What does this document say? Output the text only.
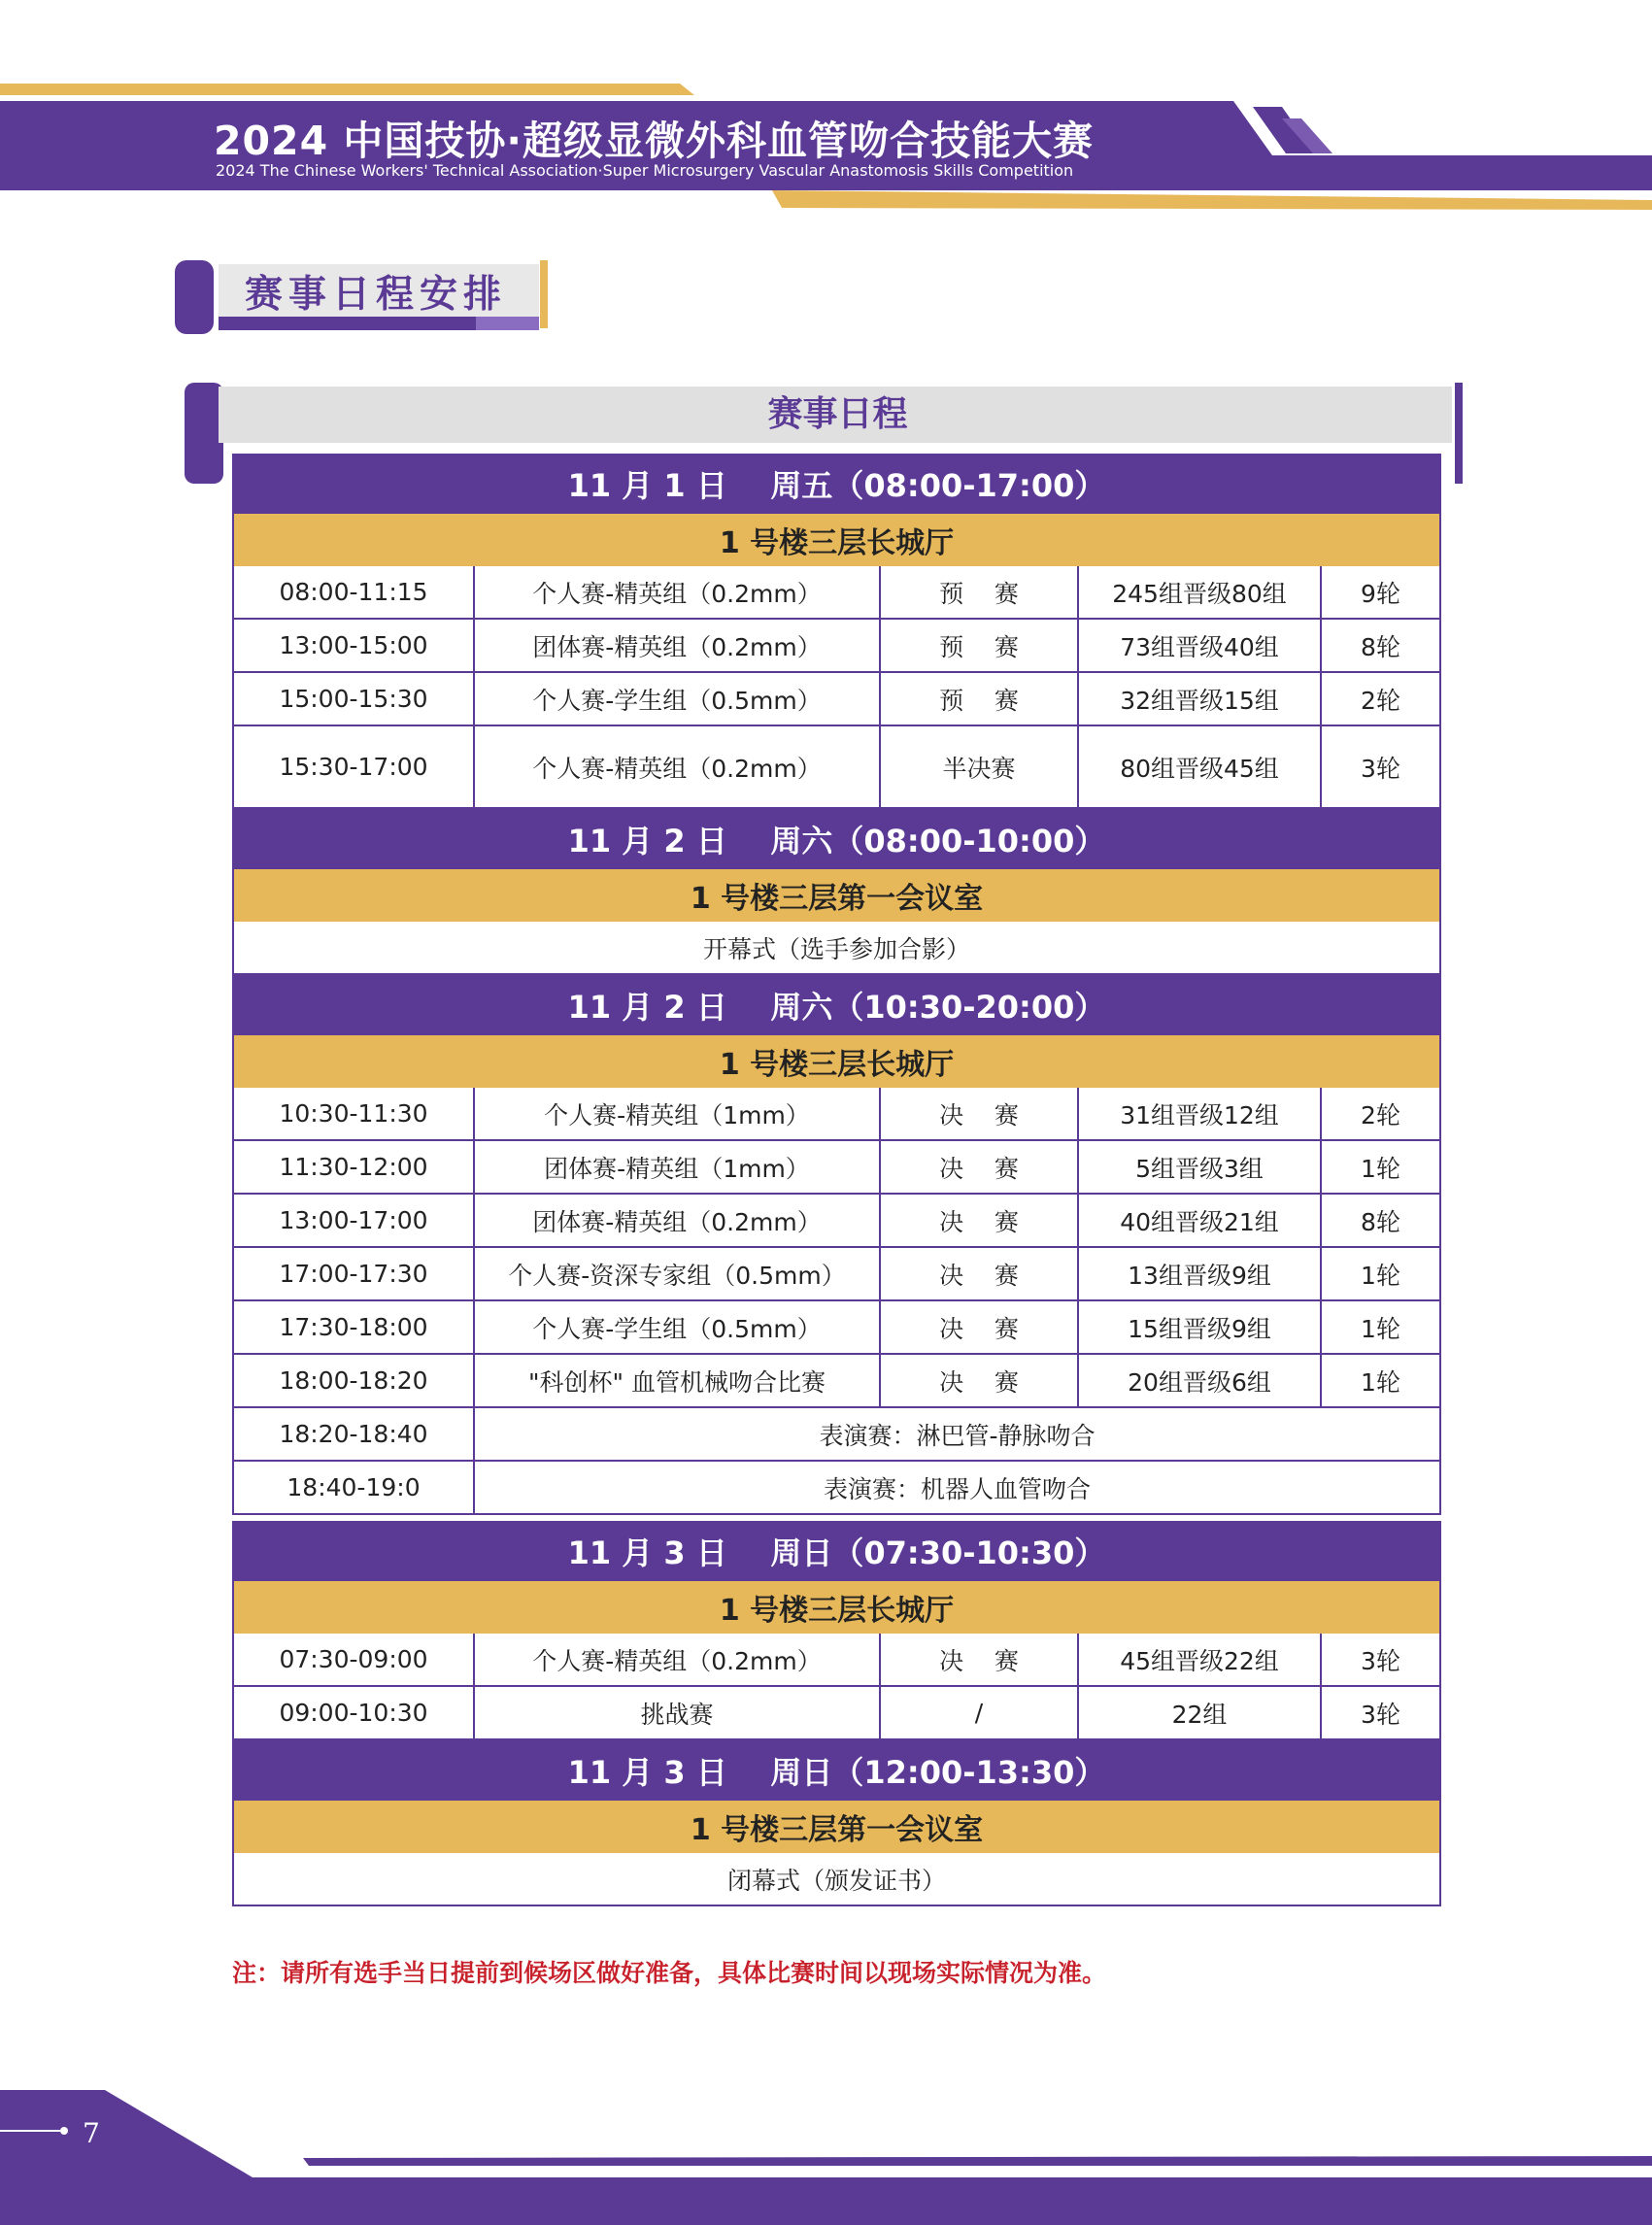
2024 中国技协·超级显微外科血管吻合技能大赛
2024 The Chinese Workers' Technical Association·Super Microsurgery Vascular Anastomosis Skills Competition
赛事日程安排
赛事日程
11 月 1 日    周五（08:00-17:00）
1 号楼三层长城厅
08:00-11:15	个人赛-精英组（0.2mm）	预    赛	245组晋级80组	9轮
13:00-15:00	团体赛-精英组（0.2mm）	预    赛	73组晋级40组	8轮
15:00-15:30	个人赛-学生组（0.5mm）	预    赛	32组晋级15组	2轮
15:30-17:00	个人赛-精英组（0.2mm）	半决赛	80组晋级45组	3轮
11 月 2 日    周六（08:00-10:00）
1 号楼三层第一会议室
开幕式（选手参加合影）
11 月 2 日    周六（10:30-20:00）
1 号楼三层长城厅
10:30-11:30	个人赛-精英组（1mm）	决    赛	31组晋级12组	2轮
11:30-12:00	团体赛-精英组（1mm）	决    赛	5组晋级3组	1轮
13:00-17:00	团体赛-精英组（0.2mm）	决    赛	40组晋级21组	8轮
17:00-17:30	个人赛-资深专家组（0.5mm）	决    赛	13组晋级9组	1轮
17:30-18:00	个人赛-学生组（0.5mm）	决    赛	15组晋级9组	1轮
18:00-18:20	"科创杯" 血管机械吻合比赛	决    赛	20组晋级6组	1轮
18:20-18:40	表演赛：淋巴管-静脉吻合
18:40-19:0	表演赛：机器人血管吻合
11 月 3 日    周日（07:30-10:30）
1 号楼三层长城厅
07:30-09:00	个人赛-精英组（0.2mm）	决    赛	45组晋级22组	3轮
09:00-10:30	挑战赛	/	22组	3轮
11 月 3 日    周日（12:00-13:30）
1 号楼三层第一会议室
闭幕式（颁发证书）
注：请所有选手当日提前到候场区做好准备，具体比赛时间以现场实际情况为准。
7
